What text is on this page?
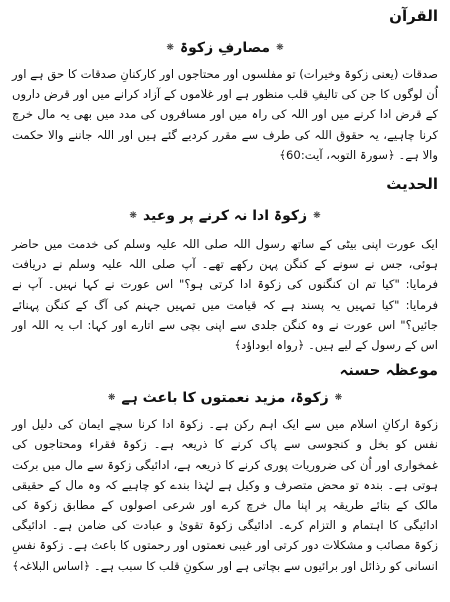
القرآن
❋
مصارفِ زکوۃ
❋

صدقات (یعنی زکوۃ وخیرات) تو مفلسوں اور محتاجوں اور کارکنانِ صدقات کا حق ہے اور اُن لوگوں کا جن کی تالیفِ قلب منظور ہے اور غلاموں کے آزاد کرانے میں اور قرض داروں کے قرض ادا کرنے میں اور اللہ کی راہ میں اور مسافروں کی مدد میں بھی یہ مال خرچ کرنا چاہیے، یہ حقوق اللہ کی طرف سے مقرر کردیے گئے ہیں اور اللہ جاننے والا حکمت والا ہے۔ ﴿سورۃ التوبہ، آیت:60﴾

الحدیث
❋
زکوۃ ادا نہ کرنے پر وعید
❋

ایک عورت اپنی بیٹی کے ساتھ رسول اللہ صلی اللہ علیہ وسلم کی خدمت میں حاضر ہوئی، جس نے سونے کے کنگن پہن رکھے تھے۔ آپ صلی اللہ علیہ وسلم نے دریافت فرمایا: "کیا تم ان کنگنوں کی زکوۃ ادا کرتی ہو؟" اس عورت نے کہا نہیں۔ آپ نے فرمایا: "کیا تمہیں یہ پسند ہے کہ قیامت میں تمہیں جہنم کی آگ کے کنگن پہنائے جائیں؟" اس عورت نے وہ کنگن جلدی سے اپنی بچی سے اتارے اور کہا: اب یہ اللہ اور اس کے رسول کے لیے ہیں۔ ﴿رواہ ابوداؤد﴾

موعظہ حسنہ
❋
زکوۃ، مزید نعمتوں کا باعث ہے
❋

زکوۃ ارکانِ اسلام میں سے ایک اہم رکن ہے۔ زکوۃ ادا کرنا سچے ایمان کی دلیل اور نفس کو بخل و کنجوسی سے پاک کرنے کا ذریعہ ہے۔ زکوۃ فقراء ومحتاجوں کی غمخواری اور اُن کی ضروریات پوری کرنے کا ذریعہ ہے، ادائیگی زکوۃ سے مال میں برکت ہوتی ہے۔ بندہ تو محض متصرف و وکیل ہے لہٰذا بندے کو چاہیے کہ وہ مال کے حقیقی مالک کے بتائے طریقہ پر اپنا مال خرچ کرے اور شرعی اصولوں کے مطابق زکوۃ کی ادائیگی کا اہتمام و التزام کرے۔ ادائیگی زکوۃ تقویٰ و عبادت کی ضامن ہے۔ ادائیگی زکوۃ مصائب و مشکلات دور کرتی اور غیبی نعمتوں اور رحمتوں کا باعث ہے۔ زکوۃ نفسِ انسانی کو رذائل اور برائیوں سے بچاتی ہے اور سکونِ قلب کا سبب ہے۔ ﴿اساس البلاغہ﴾
